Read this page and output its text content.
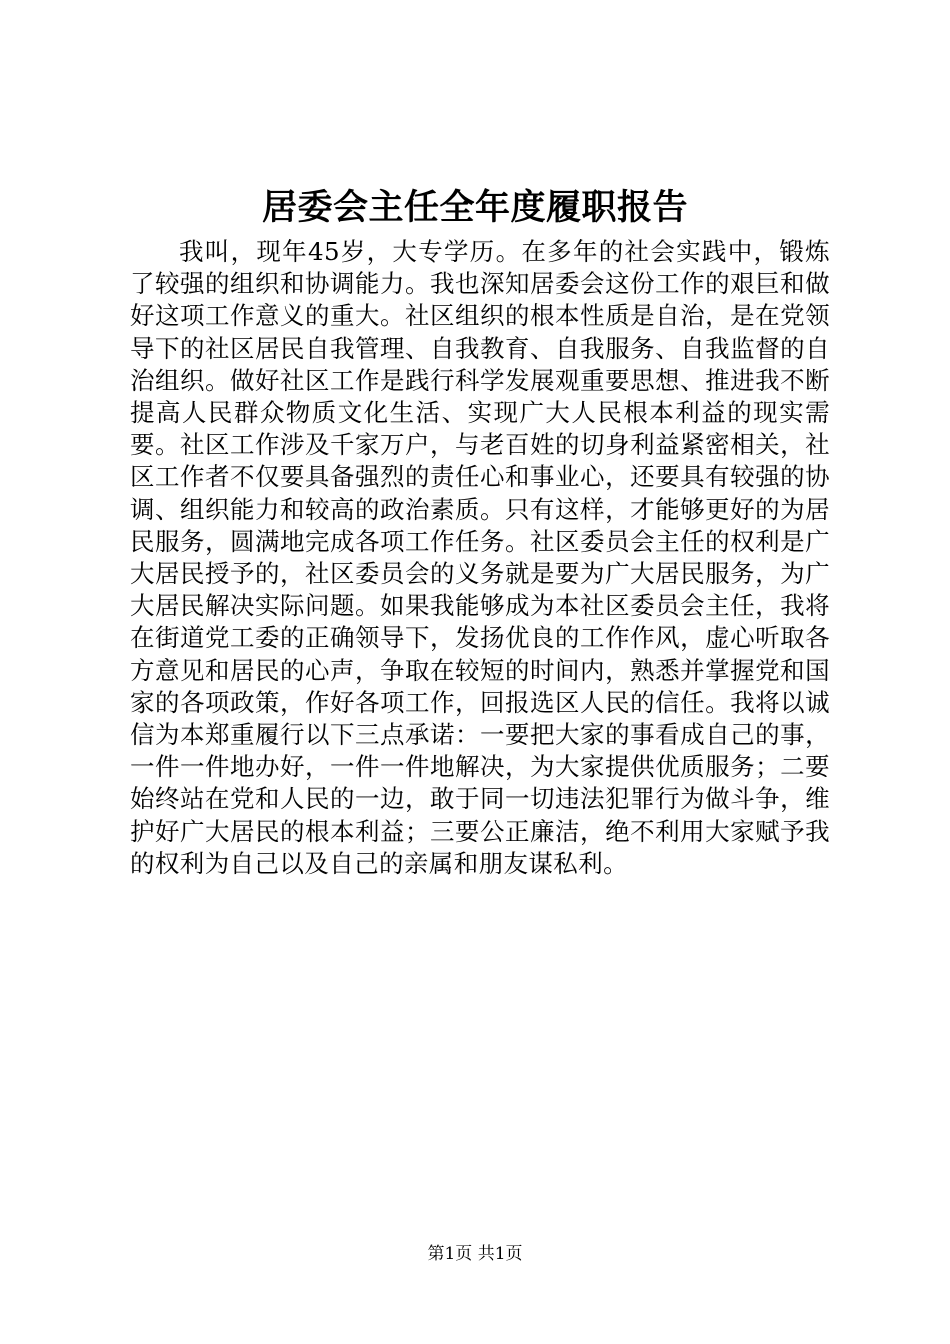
居委会主任全年度履职报告

我叫，现年45岁，大专学历。在多年的社会实践中，锻炼了较强的组织和协调能力。我也深知居委会这份工作的艰巨和做好这项工作意义的重大。社区组织的根本性质是自治，是在党领导下的社区居民自我管理、自我教育、自我服务、自我监督的自治组织。做好社区工作是践行科学发展观重要思想、推进我不断提高人民群众物质文化生活、实现广大人民根本利益的现实需要。社区工作涉及千家万户，与老百姓的切身利益紧密相关，社区工作者不仅要具备强烈的责任心和事业心，还要具有较强的协调、组织能力和较高的政治素质。只有这样，才能够更好的为居民服务，圆满地完成各项工作任务。社区委员会主任的权利是广大居民授予的，社区委员会的义务就是要为广大居民服务，为广大居民解决实际问题。如果我能够成为本社区委员会主任，我将在街道党工委的正确领导下，发扬优良的工作作风，虚心听取各方意见和居民的心声，争取在较短的时间内，熟悉并掌握党和国家的各项政策，作好各项工作，回报选区人民的信任。我将以诚信为本郑重履行以下三点承诺：一要把大家的事看成自己的事，一件一件地办好，一件一件地解决，为大家提供优质服务；二要始终站在党和人民的一边，敢于同一切违法犯罪行为做斗争，维护好广大居民的根本利益；三要公正廉洁，绝不利用大家赋予我的权利为自己以及自己的亲属和朋友谋私利。

第1页 共1页
